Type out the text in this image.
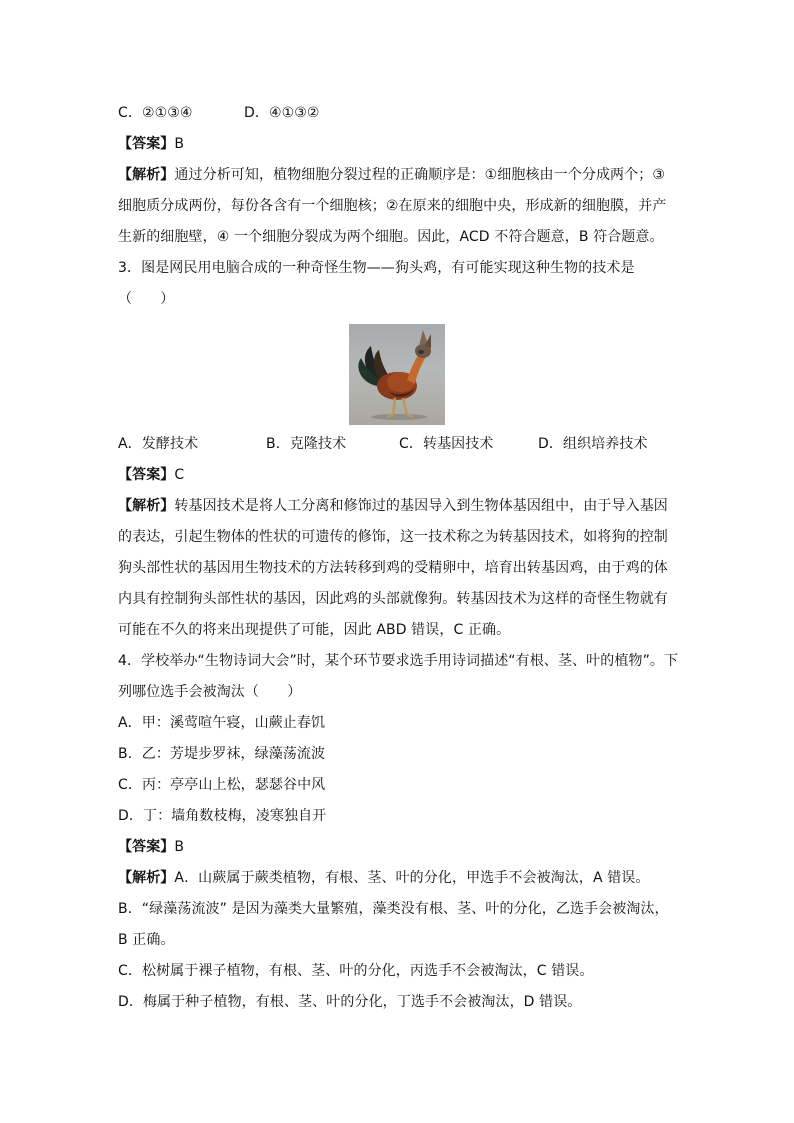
C．②①③④	D．④①③②
【答案】B
【解析】通过分析可知，植物细胞分裂过程的正确顺序是：①细胞核由一个分成两个；③
细胞质分成两份，每份各含有一个细胞核；②在原来的细胞中央，形成新的细胞膜，并产
生新的细胞壁，④ 一个细胞分裂成为两个细胞。因此，ACD 不符合题意，B 符合题意。
3．图是网民用电脑合成的一种奇怪生物——狗头鸡，有可能实现这种生物的技术是
（　　）
A．发酵技术	B．克隆技术	C．转基因技术	D．组织培养技术
【答案】C
【解析】转基因技术是将人工分离和修饰过的基因导入到生物体基因组中，由于导入基因
的表达，引起生物体的性状的可遗传的修饰，这一技术称之为转基因技术，如将狗的控制
狗头部性状的基因用生物技术的方法转移到鸡的受精卵中，培育出转基因鸡，由于鸡的体
内具有控制狗头部性状的基因，因此鸡的头部就像狗。转基因技术为这样的奇怪生物就有
可能在不久的将来出现提供了可能，因此 ABD 错误，C 正确。
4．学校举办“生物诗词大会”时，某个环节要求选手用诗词描述“有根、茎、叶的植物”。下
列哪位选手会被淘汰（　　）
A．甲：溪莺喧午寝，山蕨止春饥
B．乙：芳堤步罗袜，绿藻荡流波
C．丙：亭亭山上松，瑟瑟谷中风
D．丁：墙角数枝梅，凌寒独自开
【答案】B
【解析】A．山蕨属于蕨类植物，有根、茎、叶的分化，甲选手不会被淘汰，A 错误。
B．“绿藻荡流波” 是因为藻类大量繁殖，藻类没有根、茎、叶的分化，乙选手会被淘汰，
B 正确。
C．松树属于裸子植物，有根、茎、叶的分化，丙选手不会被淘汰，C 错误。
D．梅属于种子植物，有根、茎、叶的分化，丁选手不会被淘汰，D 错误。
